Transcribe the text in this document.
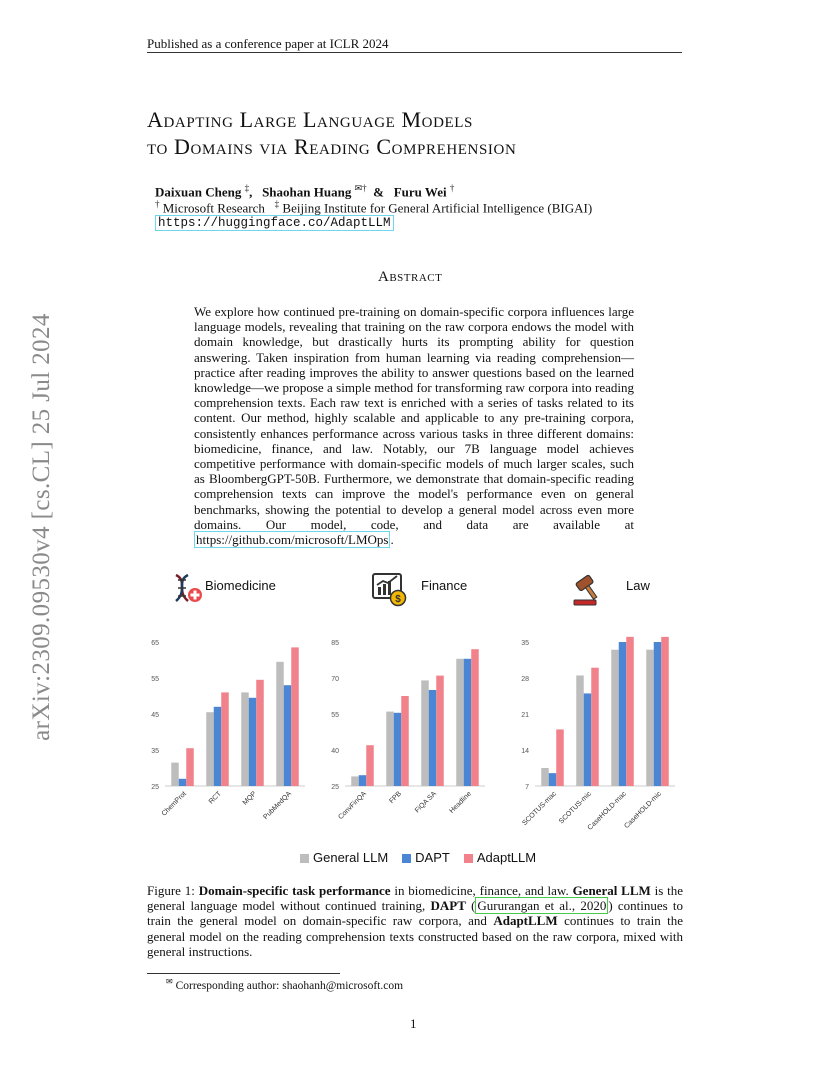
Published as a conference paper at ICLR 2024
arXiv:2309.09530v4 [cs.CL] 25 Jul 2024
Adapting Large Language Models
to Domains via Reading Comprehension
Daixuan Cheng ‡,   Shaohan Huang ✉†  &   Furu Wei †
† Microsoft Research ‡ Beijing Institute for General Artificial Intelligence (BIGAI)
https://huggingface.co/AdaptLLM
Abstract
We explore how continued pre-training on domain-specific corpora influences large language models, revealing that training on the raw corpora endows the model with domain knowledge, but drastically hurts its prompting ability for question answering. Taken inspiration from human learning via reading comprehension—practice after reading improves the ability to answer questions based on the learned knowledge—we propose a simple method for transforming raw corpora into reading comprehension texts. Each raw text is enriched with a series of tasks related to its content. Our method, highly scalable and applicable to any pre-training corpora, consistently enhances performance across various tasks in three different domains: biomedicine, finance, and law. Notably, our 7B language model achieves competitive performance with domain-specific models of much larger scales, such as BloombergGPT-50B. Furthermore, we demonstrate that domain-specific reading comprehension texts can improve the model's performance even on general benchmarks, showing the potential to develop a general model across even more domains. Our model, code, and data are available at https://github.com/microsoft/LMOps .
Biomedicine
$
Finance	Law
25
35
45
55
65
ChemProt	RCT	MQP PubMedQA
25
40
55
70
85
ConvFinQA	FPB FiQA SA Headline
7
14
21
28
35
SCOTUS-mac SCOTUS-mic
CaseHOLD-mac
CaseHOLD-mic
General LLM	DAPT	AdaptLLM
Figure 1: Domain-specific task performance in biomedicine, finance, and law. General LLM is the general language model without continued training, DAPT ( Gururangan et al., 2020 ) continues to train the general model on domain-specific raw corpora, and AdaptLLM continues to train the general model on the reading comprehension texts constructed based on the raw corpora, mixed with general instructions.
✉ Corresponding author: shaohanh@microsoft.com
1
